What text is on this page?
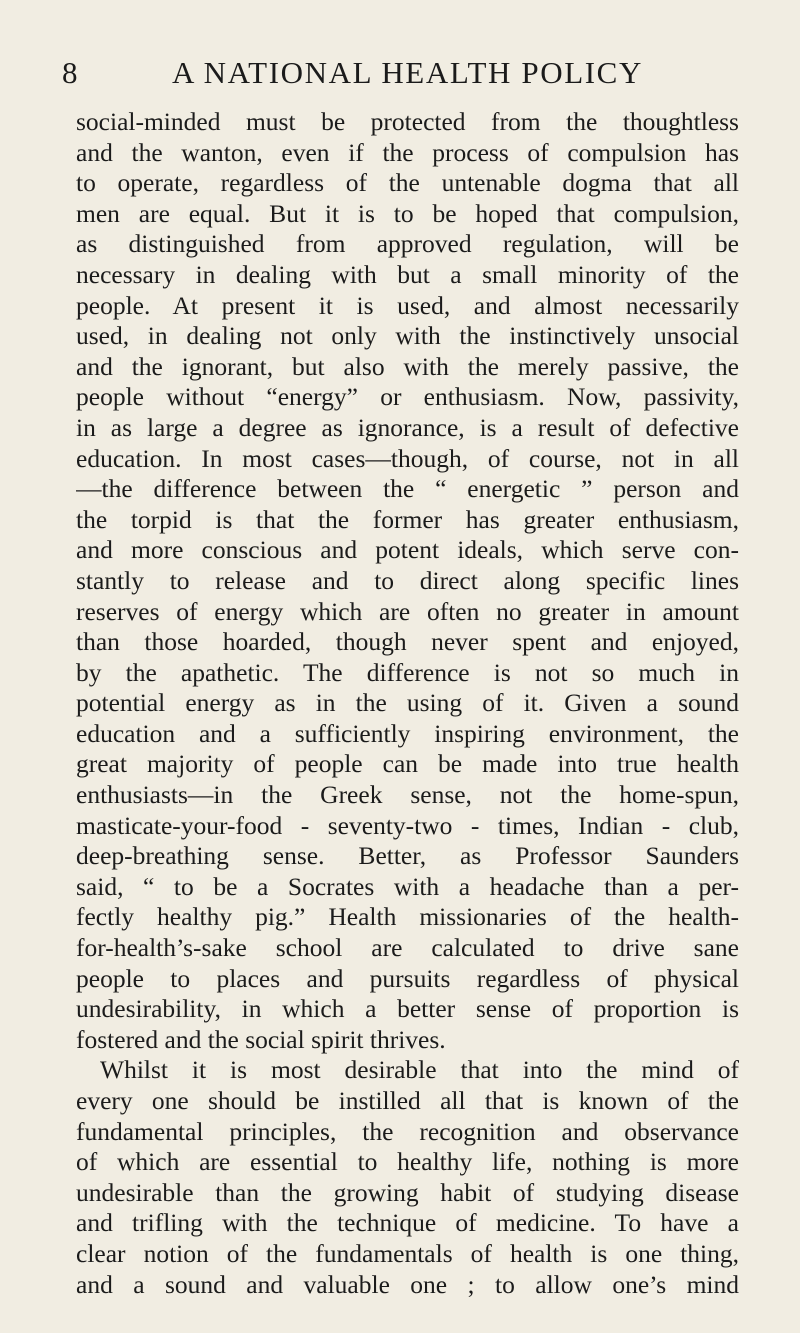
8	A NATIONAL HEALTH POLICY
social-minded must be protected from the thoughtless
and the wanton, even if the process of compulsion has
to operate, regardless of the untenable dogma that all
men are equal. But it is to be hoped that compulsion,
as distinguished from approved regulation, will be
necessary in dealing with but a small minority of the
people. At present it is used, and almost necessarily
used, in dealing not only with the instinctively unsocial
and the ignorant, but also with the merely passive, the
people without “energy” or enthusiasm. Now, passivity,
in as large a degree as ignorance, is a result of defective
education. In most cases—though, of course, not in all
—the difference between the “ energetic ” person and
the torpid is that the former has greater enthusiasm,
and more conscious and potent ideals, which serve con-
stantly to release and to direct along specific lines
reserves of energy which are often no greater in amount
than those hoarded, though never spent and enjoyed,
by the apathetic. The difference is not so much in
potential energy as in the using of it. Given a sound
education and a sufficiently inspiring environment, the
great majority of people can be made into true health
enthusiasts—in the Greek sense, not the home-spun,
masticate-your-food - seventy-two - times, Indian - club,
deep-breathing sense. Better, as Professor Saunders
said, “ to be a Socrates with a headache than a per-
fectly healthy pig.” Health missionaries of the health-
for-health’s-sake school are calculated to drive sane
people to places and pursuits regardless of physical
undesirability, in which a better sense of proportion is
fostered and the social spirit thrives.
Whilst it is most desirable that into the mind of
every one should be instilled all that is known of the
fundamental principles, the recognition and observance
of which are essential to healthy life, nothing is more
undesirable than the growing habit of studying disease
and trifling with the technique of medicine. To have a
clear notion of the fundamentals of health is one thing,
and a sound and valuable one ; to allow one’s mind
